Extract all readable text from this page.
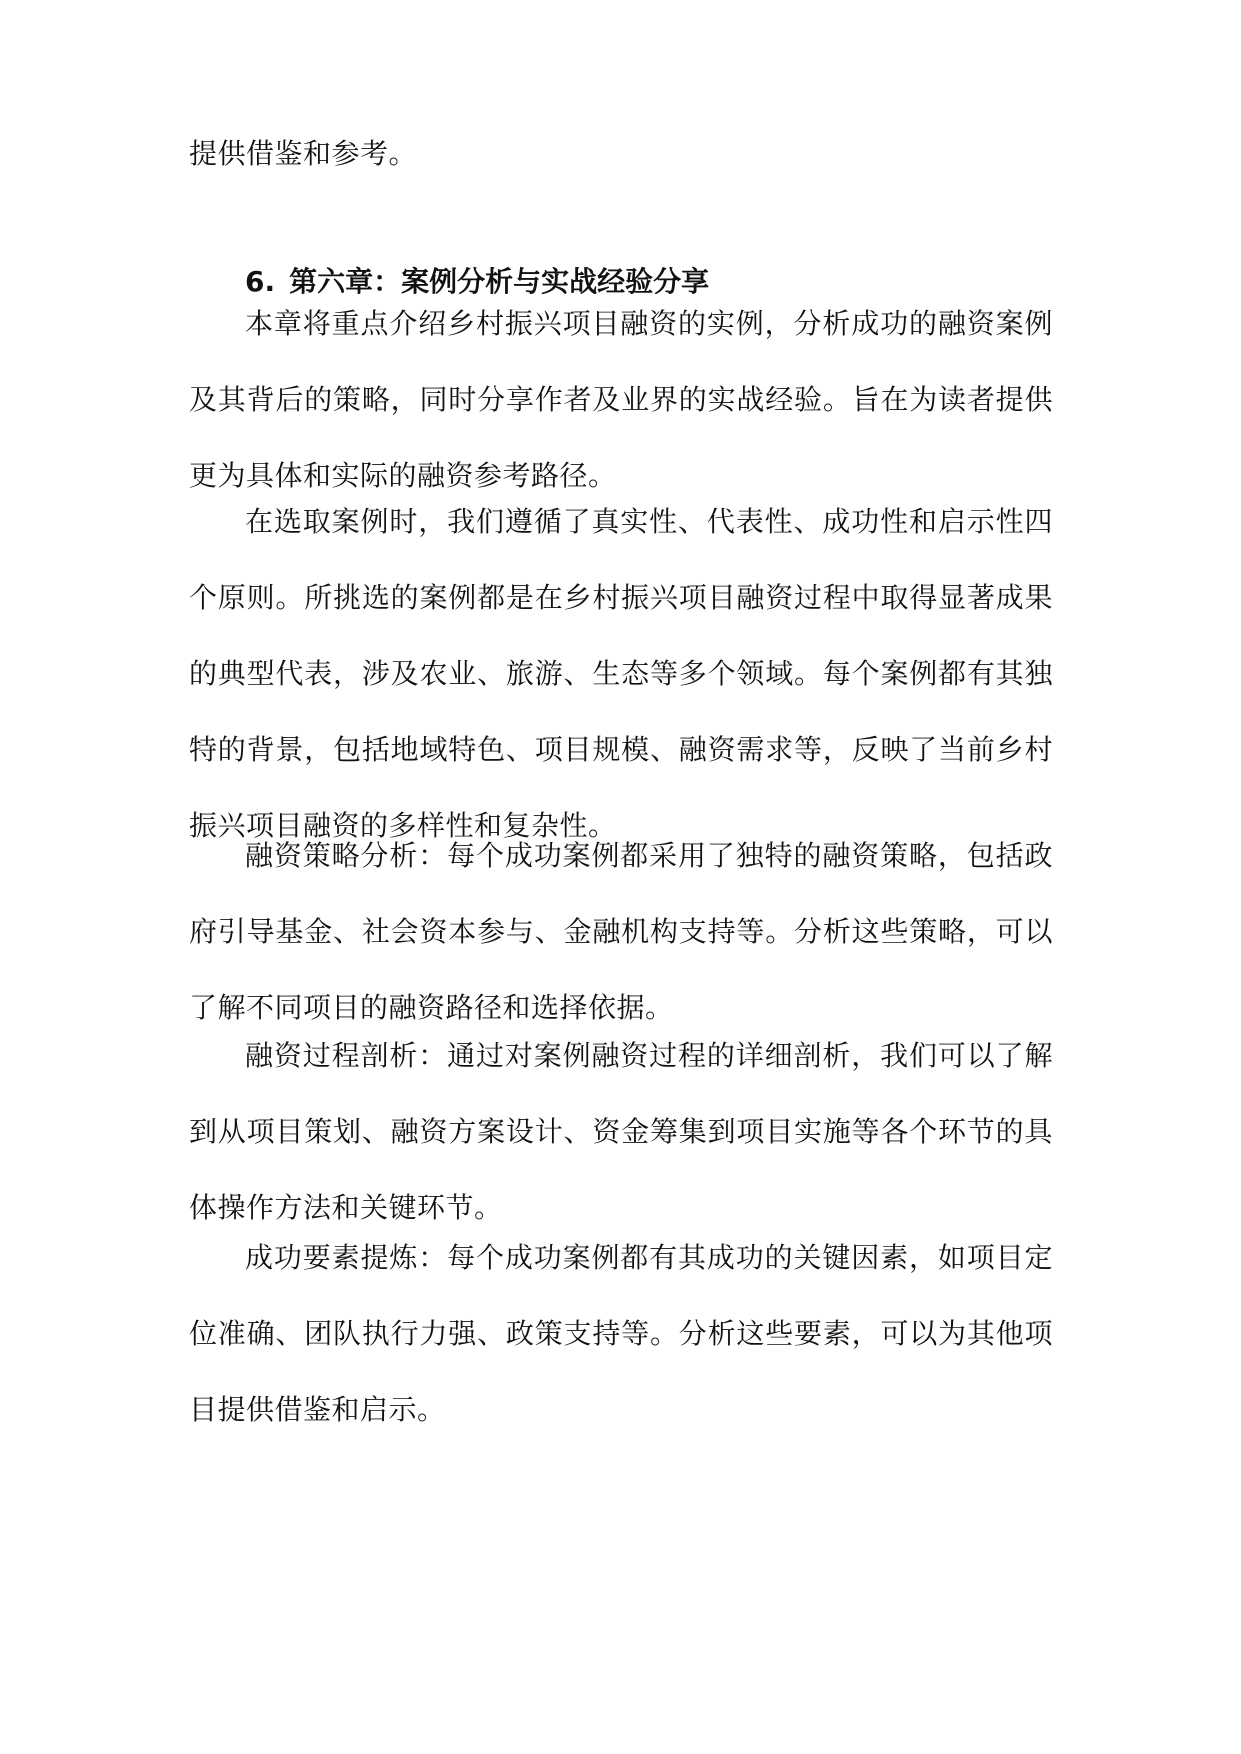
提供借鉴和参考。

6. 第六章：案例分析与实战经验分享

本章将重点介绍乡村振兴项目融资的实例，分析成功的融资案例及其背后的策略，同时分享作者及业界的实战经验。旨在为读者提供更为具体和实际的融资参考路径。

在选取案例时，我们遵循了真实性、代表性、成功性和启示性四个原则。所挑选的案例都是在乡村振兴项目融资过程中取得显著成果的典型代表，涉及农业、旅游、生态等多个领域。每个案例都有其独特的背景，包括地域特色、项目规模、融资需求等，反映了当前乡村振兴项目融资的多样性和复杂性。

融资策略分析：每个成功案例都采用了独特的融资策略，包括政府引导基金、社会资本参与、金融机构支持等。分析这些策略，可以了解不同项目的融资路径和选择依据。

融资过程剖析：通过对案例融资过程的详细剖析，我们可以了解到从项目策划、融资方案设计、资金筹集到项目实施等各个环节的具体操作方法和关键环节。

成功要素提炼：每个成功案例都有其成功的关键因素，如项目定位准确、团队执行力强、政策支持等。分析这些要素，可以为其他项目提供借鉴和启示。
